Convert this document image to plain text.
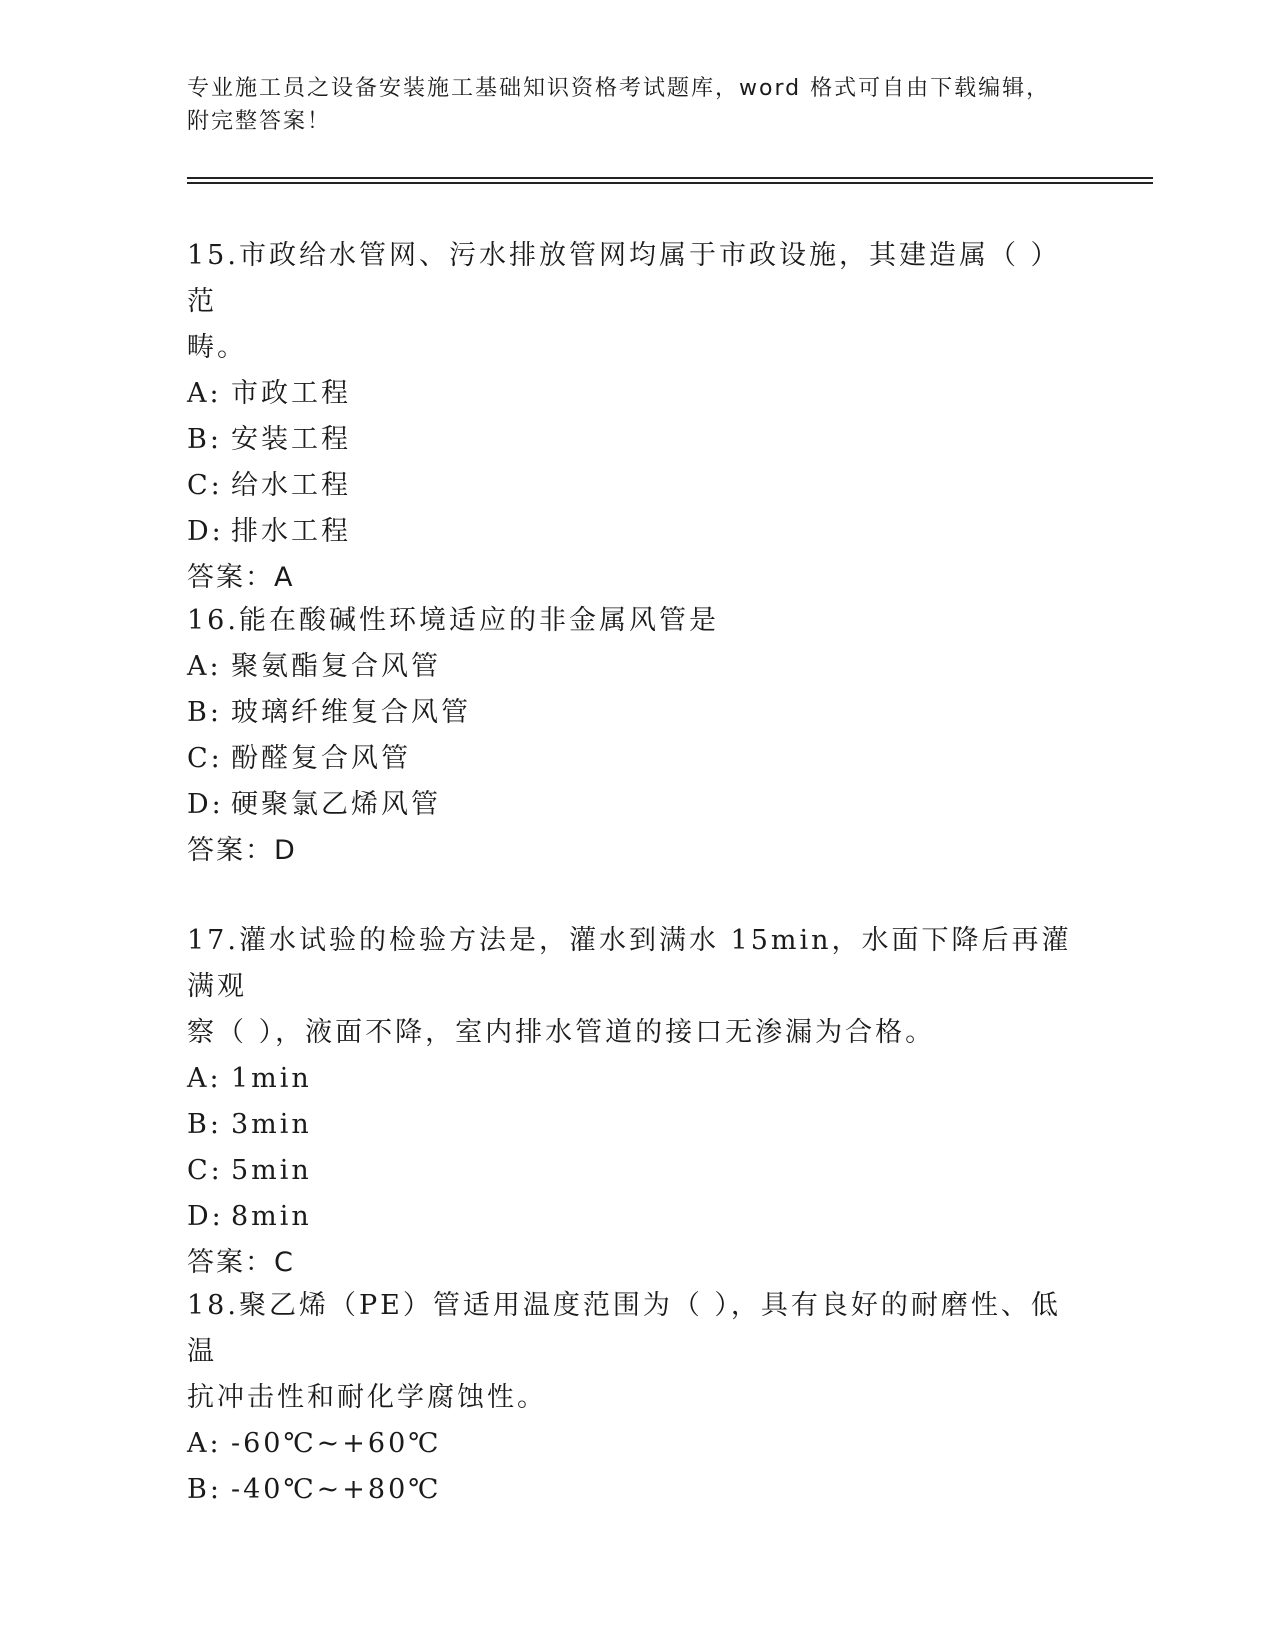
专业施工员之设备安装施工基础知识资格考试题库，word 格式可自由下载编辑，
附完整答案！
15.市政给水管网、污水排放管网均属于市政设施，其建造属（ ）范
畴。
A: 市政工程
B: 安装工程
C: 给水工程
D: 排水工程
答案：A
16.能在酸碱性环境适应的非金属风管是
A: 聚氨酯复合风管
B: 玻璃纤维复合风管
C: 酚醛复合风管
D: 硬聚氯乙烯风管
答案：D
17.灌水试验的检验方法是，灌水到满水 15min，水面下降后再灌满观
察（ ），液面不降，室内排水管道的接口无渗漏为合格。
A: 1min
B: 3min
C: 5min
D: 8min
答案：C
18.聚乙烯（PE）管适用温度范围为（ ），具有良好的耐磨性、低温
抗冲击性和耐化学腐蚀性。
A: -60℃~+60℃
B: -40℃~+80℃
